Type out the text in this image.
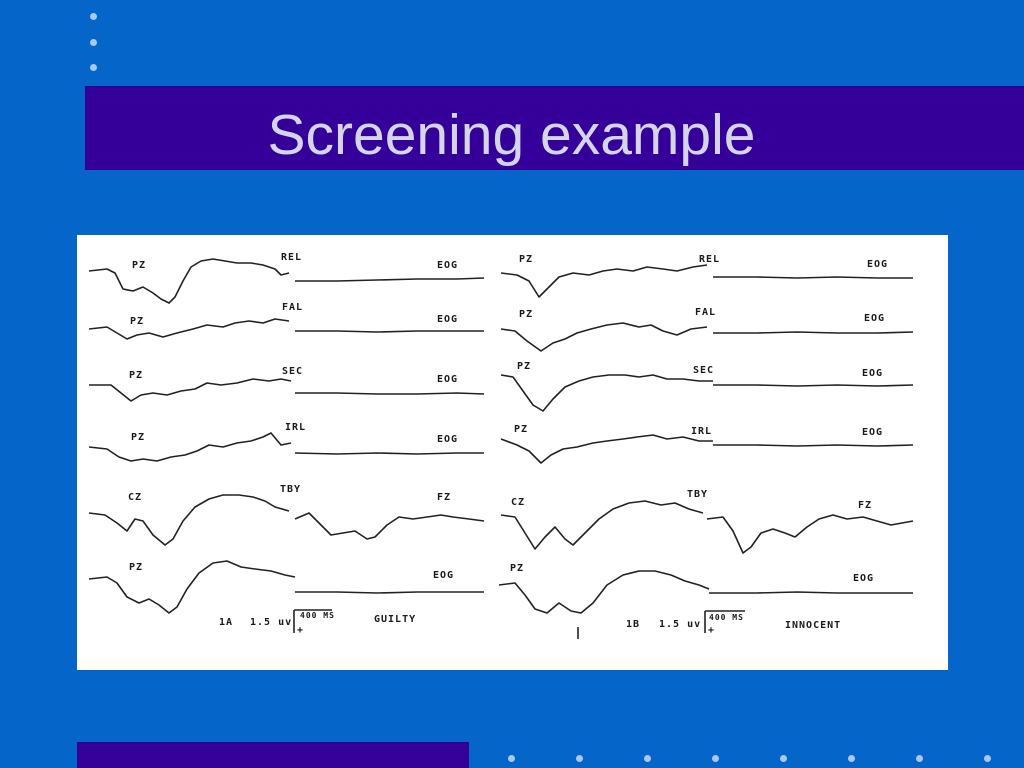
Screening example
PZ
REL
EOG
PZ
FAL
EOG
PZ	SEC
EOG
PZ
IRL
EOG
CZ
TBY
FZ
PZ
EOG
1A 1.5 uv
400 MS
+
GUILTY
PZ	REL	EOG
PZ	FAL
EOG
PZ	SEC	EOG
PZ	IRL	EOG
CZ
TBY
FZ
PZ
EOG
1B 1.5 uv
400 MS
+	INNOCENT
